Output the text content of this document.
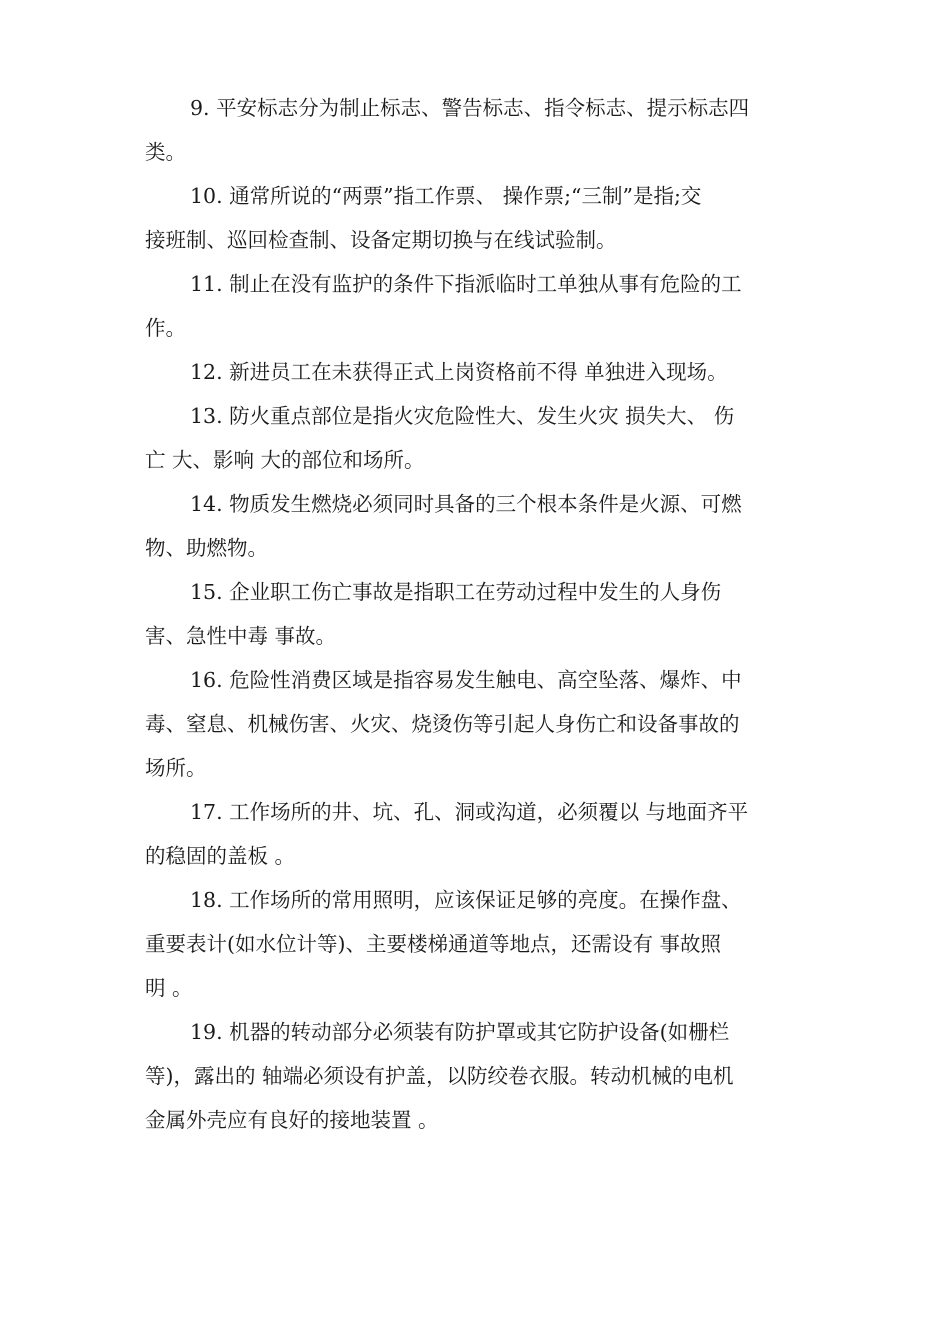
9. 平安标志分为制止标志、警告标志、指令标志、提示标志四
类。

10. 通常所说的“两票”指工作票、 操作票;“三制”是指;交
接班制、巡回检查制、设备定期切换与在线试验制。

11. 制止在没有监护的条件下指派临时工单独从事有危险的工
作。

12. 新进员工在未获得正式上岗资格前不得 单独进入现场。

13. 防火重点部位是指火灾危险性大、发生火灾 损失大、 伤
亡 大、影响 大的部位和场所。

14. 物质发生燃烧必须同时具备的三个根本条件是火源、可燃
物、助燃物。

15. 企业职工伤亡事故是指职工在劳动过程中发生的人身伤
害、急性中毒 事故。

16. 危险性消费区域是指容易发生触电、高空坠落、爆炸、中
毒、窒息、机械伤害、火灾、烧烫伤等引起人身伤亡和设备事故的
场所。

17. 工作场所的井、坑、孔、洞或沟道，必须覆以 与地面齐平
的稳固的盖板 。

18. 工作场所的常用照明，应该保证足够的亮度。在操作盘、
重要表计(如水位计等)、主要楼梯通道等地点，还需设有 事故照
明 。

19. 机器的转动部分必须装有防护罩或其它防护设备(如栅栏
等)，露出的 轴端必须设有护盖，以防绞卷衣服。转动机械的电机
金属外壳应有良好的接地装置 。
